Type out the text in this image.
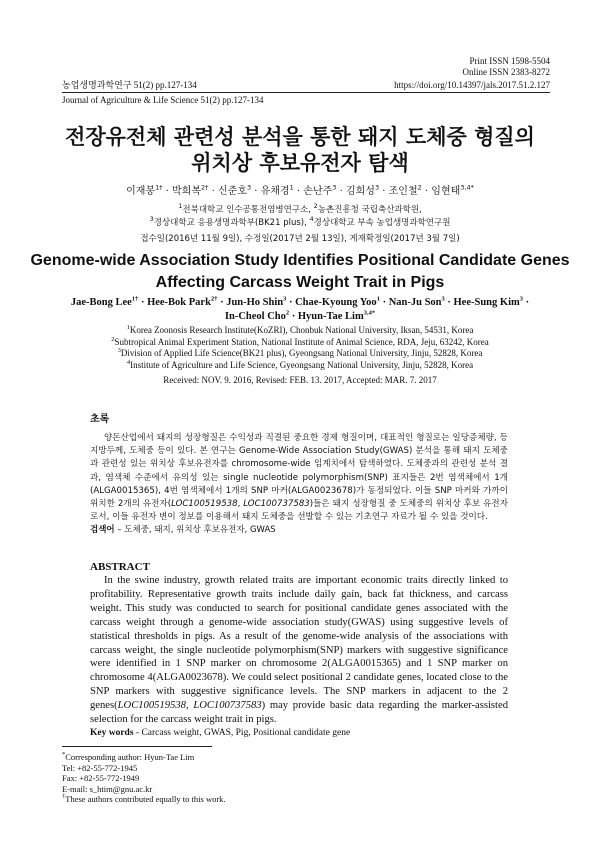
Print ISSN 1598-5504
Online ISSN 2383-8272
농업생명과학연구 51(2) pp.127-134	https://doi.org/10.14397/jals.2017.51.2.127
Journal of Agriculture & Life Science 51(2) pp.127-134
전장유전체 관련성 분석을 통한 돼지 도체중 형질의
위치상 후보유전자 탐색
이재봉$^{1\dagger}$ · 박희복$^{2\dagger}$ · 신준호$^3$ · 유채경$^1$ · 손난주$^3$ · 김희성$^3$ · 조인철$^2$ · 임현태$^{3,4*}$
$^1$전북대학교 인수공통전염병연구소, $^2$농촌진흥청 국립축산과학원,
$^3$경상대학교 응용생명과학부(BK21 plus), $^4$경상대학교 부속 농업생명과학연구원
접수일(2016년 11월 9일), 수정일(2017년 2월 13일), 게재확정일(2017년 3월 7일)
Genome-wide Association Study Identifies Positional Candidate Genes
Affecting Carcass Weight Trait in Pigs
Jae-Bong Lee$^{1\dagger}$ · Hee-Bok Park$^{2\dagger}$ · Jun-Ho Shin$^3$ · Chae-Kyoung Yoo$^1$ · Nan-Ju Son$^3$ · Hee-Sung Kim$^3$ ·
In-Cheol Cho$^2$ · Hyun-Tae Lim$^{3,4*}$
$^1$Korea Zoonosis Research Institute(KoZRI), Chonbuk National University, Iksan, 54531, Korea
$^2$Subtropical Animal Experiment Station, National Institute of Animal Science, RDA, Jeju, 63242, Korea
$^3$Division of Applied Life Science(BK21 plus), Gyeongsang National University, Jinju, 52828, Korea
$^4$Institute of Agriculture and Life Science, Gyeongsang National University, Jinju, 52828, Korea
Received: NOV. 9. 2016, Revised: FEB. 13. 2017, Accepted: MAR. 7. 2017
초록
양돈산업에서 돼지의 성장형질은 수익성과 직결된 중요한 경제 형질이며, 대표적인 형질로는 일당증체량, 등지방두께, 도체중 등이 있다. 본 연구는 Genome-Wide Association Study(GWAS) 분석을 통해 돼지 도체중과 관련성 있는 위치상 후보유전자를 chromosome-wide 임계치에서 탐색하였다. 도체중과의 관련성 분석 결과, 염색체 수준에서 유의성 있는 single nucleotide polymorphism(SNP) 표지들은 2번 염색체에서 1개(ALGA0015365), 4번 염색체에서 1개의 SNP 마커(ALGA0023678)가 동정되었다. 이들 SNP 마커와 가까이 위치한 2개의 유전자(LOC100519538, LOC100737583)들은 돼지 성장형질 중 도체중의 위치상 후보 유전자로서, 이들 유전자 변이 정보를 이용해서 돼지 도체중을 선발할 수 있는 기초연구 자료가 될 수 있을 것이다.
검색어 – 도체중, 돼지, 위치상 후보유전자, GWAS
ABSTRACT
In the swine industry, growth related traits are important economic traits directly linked to profitability. Representative growth traits include daily gain, back fat thickness, and carcass weight. This study was conducted to search for positional candidate genes associated with the carcass weight through a genome-wide association study(GWAS) using suggestive levels of statistical thresholds in pigs. As a result of the genome-wide analysis of the associations with carcass weight, the single nucleotide polymorphism(SNP) markers with suggestive significance were identified in 1 SNP marker on chromosome 2(ALGA0015365) and 1 SNP marker on chromosome 4(ALGA0023678). We could select positional 2 candidate genes, located close to the SNP markers with suggestive significance levels. The SNP markers in adjacent to the 2 genes(LOC100519538, LOC100737583) may provide basic data regarding the marker-assisted selection for the carcass weight trait in pigs.
Key words - Carcass weight, GWAS, Pig, Positional candidate gene
*Corresponding author: Hyun-Tae Lim
Tel: +82-55-772-1945
Fax: +82-55-772-1949
E-mail: s_htim@gnu.ac.kr
†These authors contributed equally to this work.
